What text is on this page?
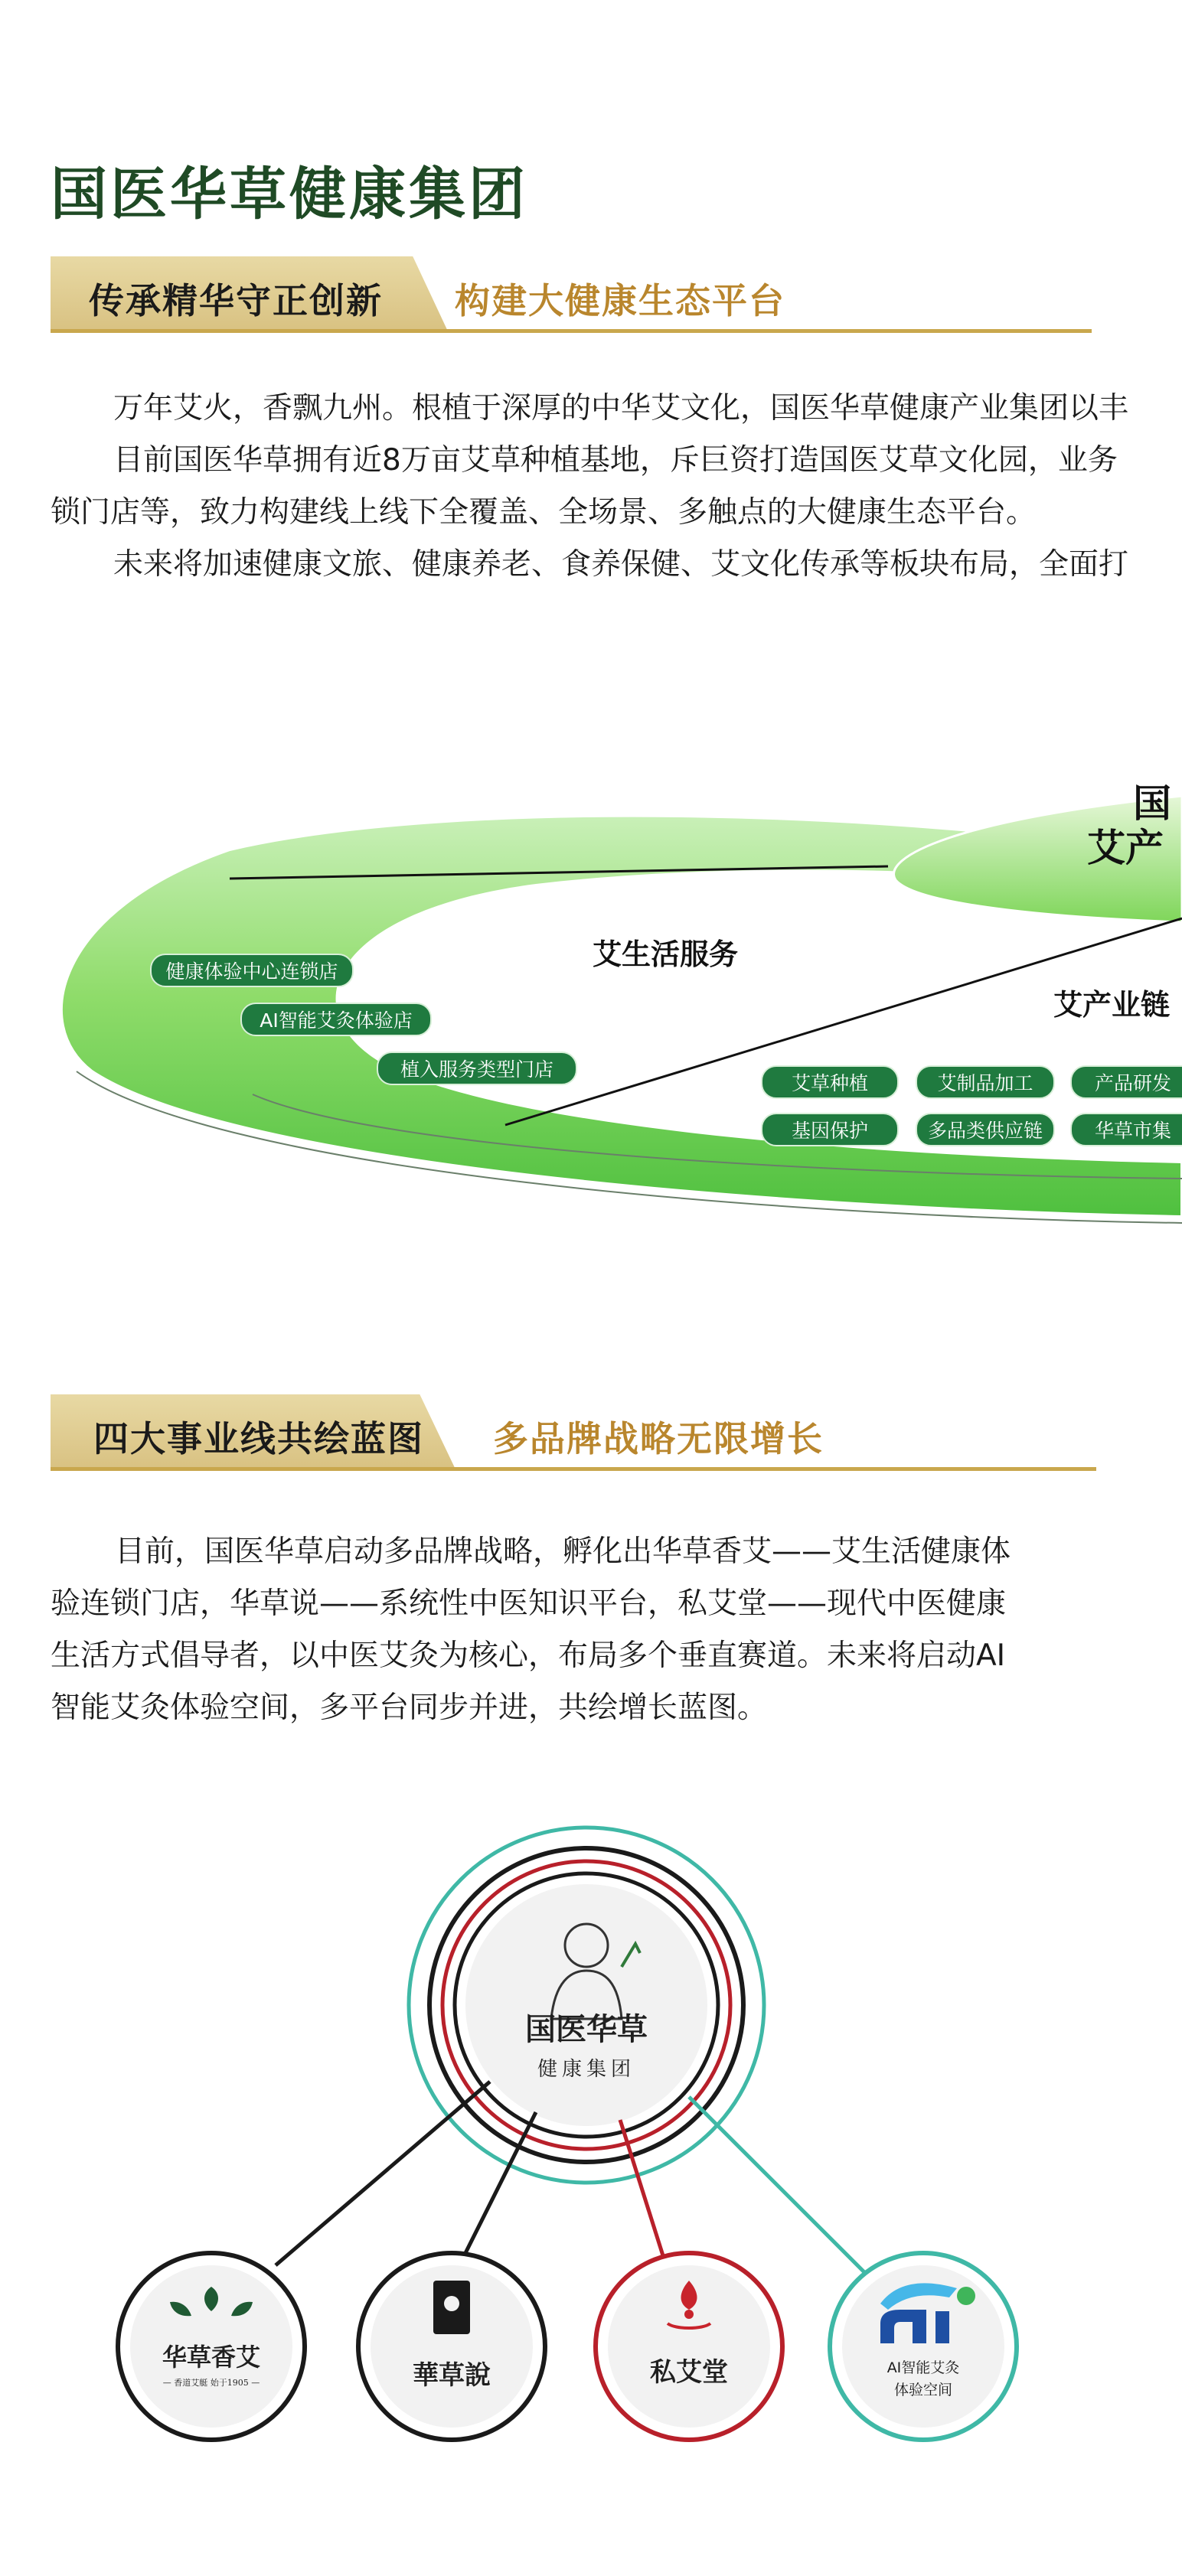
国医华草健康集团
传承精华守正创新 构建大健康生态平台

万年艾火，香飘九州。根植于深厚的中华艾文化，国医华草健康产业集团以丰

目前国医华草拥有近8万亩艾草种植基地，斥巨资打造国医艾草文化园，业务

锁门店等，致力构建线上线下全覆盖、全场景、多触点的大健康生态平台。

未来将加速健康文旅、健康养老、食养保健、艾文化传承等板块布局，全面打

国
艾产
艾生活服务
艾产业链
健康体验中心连锁店
AI智能艾灸体验店
植入服务类型门店
艾草种植	艾制品加工	产品研发
基因保护	多品类供应链	华草市集
四大事业线共绘蓝图 多品牌战略无限增长

目前，国医华草启动多品牌战略，孵化出华草香艾——艾生活健康体

验连锁门店，华草说——系统性中医知识平台，私艾堂——现代中医健康

生活方式倡导者，以中医艾灸为核心，布局多个垂直赛道。未来将启动AI

智能艾灸体验空间，多平台同步并进，共绘增长蓝图。

国医华草
健康集团
华草香艾
— 香道艾艇 始于1905 —	華草說	私艾堂	AI智能艾灸
体验空间
